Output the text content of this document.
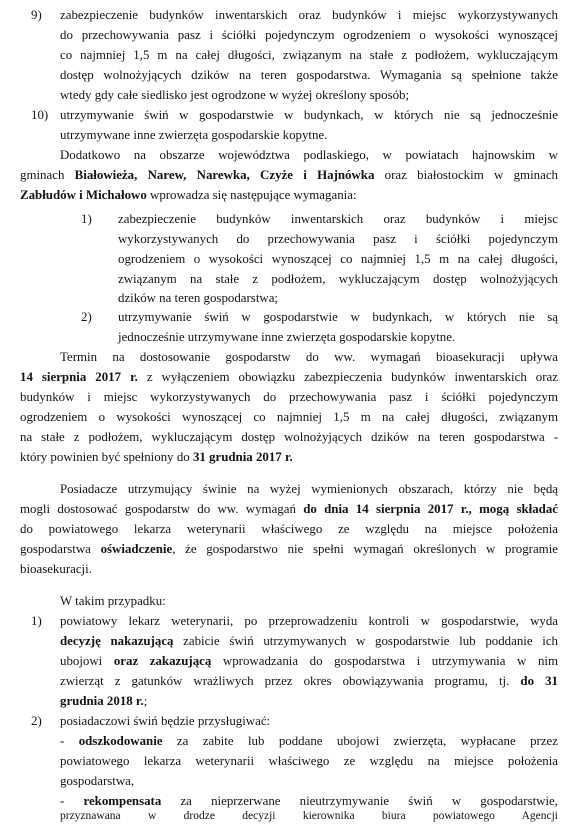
9) zabezpieczenie budynków inwentarskich oraz budynków i miejsc wykorzystywanych
do przechowywania pasz i ściółki pojedynczym ogrodzeniem o wysokości wynoszącej
co najmniej 1,5 m na całej długości, związanym na stałe z podłożem, wykluczającym
dostęp wolnożyjących dzików na teren gospodarstwa. Wymagania są spełnione także
wtedy gdy całe siedlisko jest ogrodzone w wyżej określony sposób;
10) utrzymywanie świń w gospodarstwie w budynkach, w których nie są jednocześnie
utrzymywane inne zwierzęta gospodarskie kopytne.
Dodatkowo na obszarze województwa podlaskiego, w powiatach hajnowskim w
gminach Białowieża, Narew, Narewka, Czyże i Hajnówka oraz białostockim w gminach
Zabłudów i Michałowo wprowadza się następujące wymagania:
1) zabezpieczenie budynków inwentarskich oraz budynków i miejsc
wykorzystywanych do przechowywania pasz i ściółki pojedynczym
ogrodzeniem o wysokości wynoszącej co najmniej 1,5 m na całej długości,
związanym na stałe z podłożem, wykluczającym dostęp wolnożyjących
dzików na teren gospodarstwa;
2) utrzymywanie świń w gospodarstwie w budynkach, w których nie są
jednocześnie utrzymywane inne zwierzęta gospodarskie kopytne.
Termin na dostosowanie gospodarstw do ww. wymagań bioasekuracji upływa
14 sierpnia 2017 r. z wyłączeniem obowiązku zabezpieczenia budynków inwentarskich oraz
budynków i miejsc wykorzystywanych do przechowywania pasz i ściółki pojedynczym
ogrodzeniem o wysokości wynoszącej co najmniej 1,5 m na całej długości, związanym
na stałe z podłożem, wykluczającym dostęp wolnożyjących dzików na teren gospodarstwa -
który powinien być spełniony do 31 grudnia 2017 r.
Posiadacze utrzymujący świnie na wyżej wymienionych obszarach, którzy nie będą
mogli dostosować gospodarstw do ww. wymagań do dnia 14 sierpnia 2017 r., mogą składać
do powiatowego lekarza weterynarii właściwego ze względu na miejsce położenia
gospodarstwa oświadczenie, że gospodarstwo nie spełni wymagań określonych w programie
bioasekuracji.
W takim przypadku:
1) powiatowy lekarz weterynarii, po przeprowadzeniu kontroli w gospodarstwie, wyda
decyzję nakazującą zabicie świń utrzymywanych w gospodarstwie lub poddanie ich
ubojowi oraz zakazującą wprowadzania do gospodarstwa i utrzymywania w nim
zwierząt z gatunków wrażliwych przez okres obowiązywania programu, tj. do 31
grudnia 2018 r.;
2) posiadaczowi świń będzie przysługiwać:
- odszkodowanie za zabite lub poddane ubojowi zwierzęta, wypłacane przez
powiatowego lekarza weterynarii właściwego ze względu na miejsce położenia
gospodarstwa,
- rekompensata za nieprzerwane nieutrzymywanie świń w gospodarstwie,
przyznawana w drodze decyzji kierownika biura powiatowego Agencji
